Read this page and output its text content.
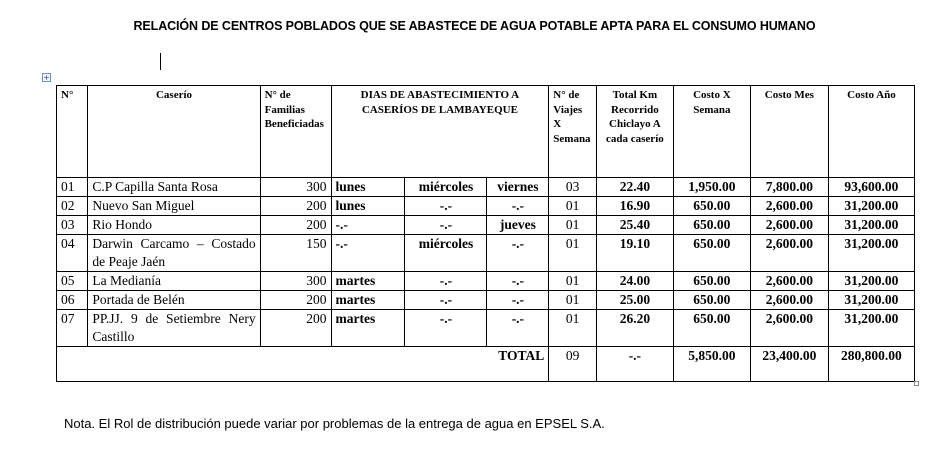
RELACIÓN DE CENTROS POBLADOS QUE SE ABASTECE DE AGUA POTABLE APTA PARA EL CONSUMO HUMANO
+
N°	Caserío	N° de Familias Beneficiadas	DIAS DE ABASTECIMIENTO A CASERÍOS DE LAMBAYEQUE			N° de Viajes X Semana	Total Km Recorrido Chiclayo A cada caserío	Costo X Semana	Costo Mes	Costo Año
01	C.P Capilla Santa Rosa	300	lunes	miércoles	viernes	03	22.40	1,950.00	7,800.00	93,600.00
02	Nuevo San Miguel	200	lunes	-.-	-.-	01	16.90	650.00	2,600.00	31,200.00
03	Rio Hondo	200	-.-	-.-	jueves	01	25.40	650.00	2,600.00	31,200.00
04	Darwin Carcamo – Costado de Peaje Jaén	150	-.-	miércoles	-.-	01	19.10	650.00	2,600.00	31,200.00
05	La Medianía	300	martes	-.-	-.-	01	24.00	650.00	2,600.00	31,200.00
06	Portada de Belén	200	martes	-.-	-.-	01	25.00	650.00	2,600.00	31,200.00
07	PP.JJ. 9 de Setiembre Nery Castillo	200	martes	-.-	-.-	01	26.20	650.00	2,600.00	31,200.00
TOTAL						09	-.-	5,850.00	23,400.00	280,800.00
Nota. El Rol de distribución puede variar por problemas de la entrega de agua en EPSEL S.A.
